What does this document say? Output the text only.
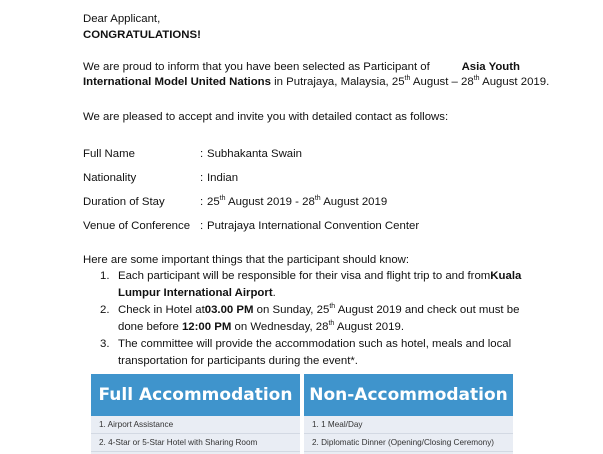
Dear Applicant,
CONGRATULATIONS!
We are proud to inform that you have been selected as Participant of	Asia Youth
International Model United Nations in Putrajaya, Malaysia, 25th August – 28th August 2019.
We are pleased to accept and invite you with detailed contact as follows:
Full Name	: Subhakanta Swain
Nationality	: Indian
Duration of Stay	: 25th August 2019 - 28th August 2019
Venue of Conference : Putrajaya International Convention Center
Here are some important things that the participant should know:
1. Each participant will be responsible for their visa and flight trip to and from Kuala
Lumpur International Airport.
2. Check in Hotel at 03.00 PM on Sunday, 25th August 2019 and check out must be
done before 12:00 PM on Wednesday, 28th August 2019.
3. The committee will provide the accommodation such as hotel, meals and local
transportation for participants during the event*.
Full Accommodation
1. Airport Assistance
2. 4-Star or 5-Star Hotel with Sharing Room
Non-Accommodation
1. 1 Meal/Day
2. Diplomatic Dinner (Opening/Closing Ceremony)
